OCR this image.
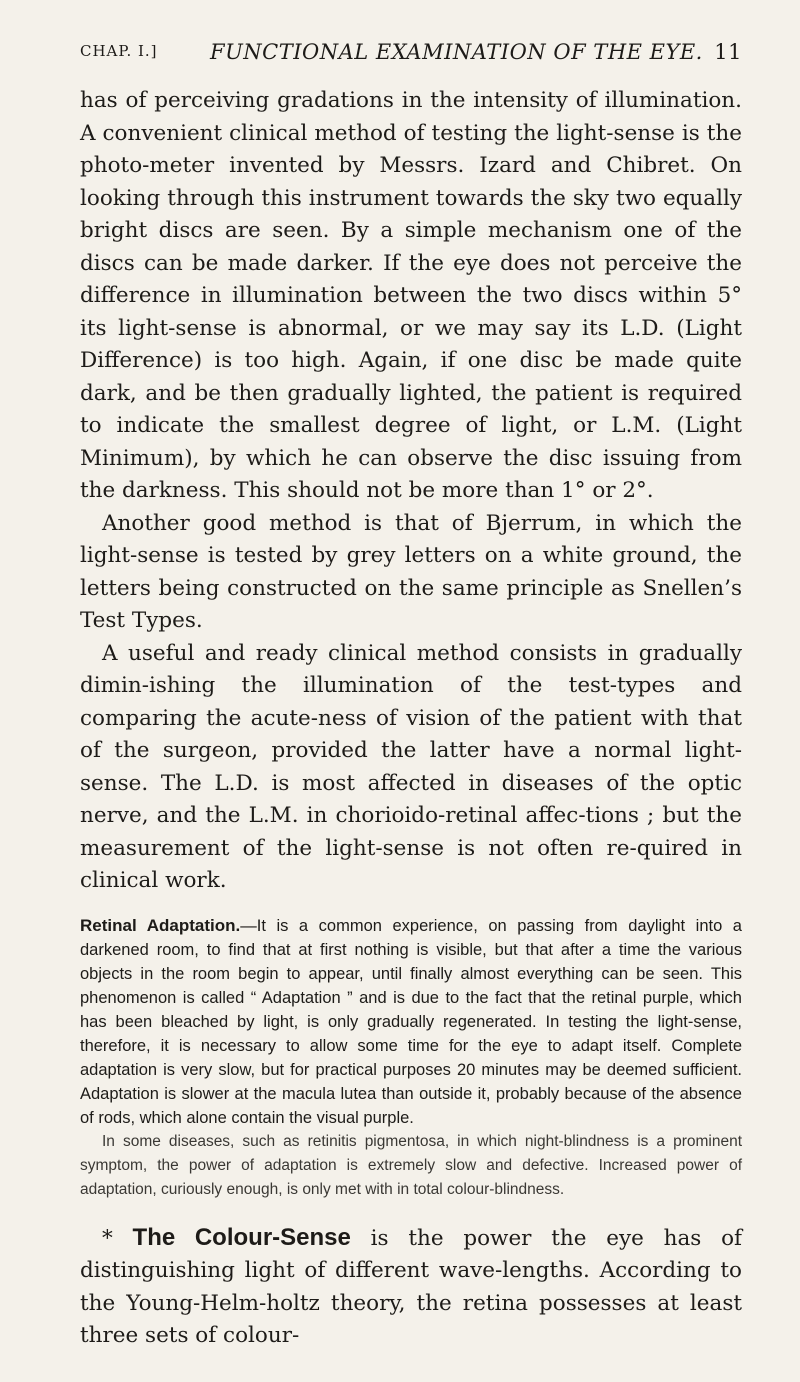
CHAP. I.] FUNCTIONAL EXAMINATION OF THE EYE. 11

has of perceiving gradations in the intensity of illumination. A convenient clinical method of testing the light-sense is the photo-meter invented by Messrs. Izard and Chibret. On looking through this instrument towards the sky two equally bright discs are seen. By a simple mechanism one of the discs can be made darker. If the eye does not perceive the difference in illumination between the two discs within 5° its light-sense is abnormal, or we may say its L.D. (Light Difference) is too high. Again, if one disc be made quite dark, and be then gradually lighted, the patient is required to indicate the smallest degree of light, or L.M. (Light Minimum), by which he can observe the disc issuing from the darkness. This should not be more than 1° or 2°.

Another good method is that of Bjerrum, in which the light-sense is tested by grey letters on a white ground, the letters being constructed on the same principle as Snellen’s Test Types.

A useful and ready clinical method consists in gradually dimin-ishing the illumination of the test-types and comparing the acute-ness of vision of the patient with that of the surgeon, provided the latter have a normal light-sense. The L.D. is most affected in diseases of the optic nerve, and the L.M. in chorioido-retinal affec-tions ; but the measurement of the light-sense is not often re-quired in clinical work.

Retinal Adaptation.—It is a common experience, on passing from daylight into a darkened room, to find that at first nothing is visible, but that after a time the various objects in the room begin to appear, until finally almost everything can be seen. This phenomenon is called “ Adaptation ” and is due to the fact that the retinal purple, which has been bleached by light, is only gradually regenerated. In testing the light-sense, therefore, it is necessary to allow some time for the eye to adapt itself. Complete adaptation is very slow, but for practical purposes 20 minutes may be deemed sufficient. Adaptation is slower at the macula lutea than outside it, probably because of the absence of rods, which alone contain the visual purple.

In some diseases, such as retinitis pigmentosa, in which night-blindness is a prominent symptom, the power of adaptation is extremely slow and defective. Increased power of adaptation, curiously enough, is only met with in total colour-blindness.

* The Colour-Sense is the power the eye has of distinguishing light of different wave-lengths. According to the Young-Helm-holtz theory, the retina possesses at least three sets of colour-
